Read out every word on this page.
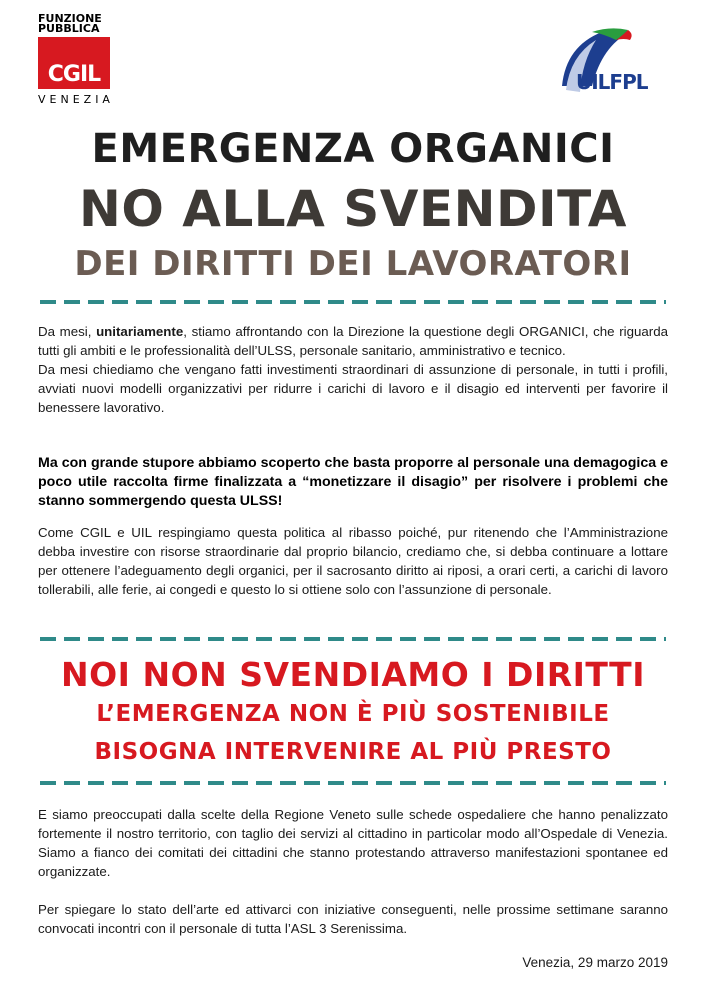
FUNZIONE
PUBBLICA
CGIL
VENEZIA
UILFPL
EMERGENZA ORGANICI
NO ALLA SVENDITA
DEI DIRITTI DEI LAVORATORI
Da mesi, unitariamente, stiamo affrontando con la Direzione la questione degli ORGANICI, che riguarda tutti gli ambiti e le professionalità dell’ULSS, personale sanitario, amministrativo e tecnico.
Da mesi chiediamo che vengano fatti investimenti straordinari di assunzione di personale, in tutti i profili, avviati nuovi modelli organizzativi per ridurre i carichi di lavoro e il disagio ed interventi per favorire il benessere lavorativo.
Ma con grande stupore abbiamo scoperto che basta proporre al personale una demagogica e poco utile raccolta firme finalizzata a “monetizzare il disagio” per risolvere i problemi che stanno sommergendo questa ULSS!
Come CGIL e UIL respingiamo questa politica al ribasso poiché, pur ritenendo che l’Amministrazione debba investire con risorse straordinarie dal proprio bilancio, crediamo che, si debba continuare a lottare per ottenere l’adeguamento degli organici, per il sacrosanto diritto ai riposi, a orari certi, a carichi di lavoro tollerabili, alle ferie, ai congedi e questo lo si ottiene solo con l’assunzione di personale.
NOI NON SVENDIAMO I DIRITTI
L’EMERGENZA NON È PIÙ SOSTENIBILE
BISOGNA INTERVENIRE AL PIÙ PRESTO
E siamo preoccupati dalla scelte della Regione Veneto sulle schede ospedaliere che hanno penalizzato fortemente il nostro territorio, con taglio dei servizi al cittadino in particolar modo all’Ospedale di Venezia. Siamo a fianco dei comitati dei cittadini che stanno protestando attraverso manifestazioni spontanee ed organizzate.
Per spiegare lo stato dell’arte ed attivarci con iniziative conseguenti, nelle prossime settimane saranno convocati incontri con il personale di tutta l’ASL 3 Serenissima.
Venezia, 29 marzo 2019
